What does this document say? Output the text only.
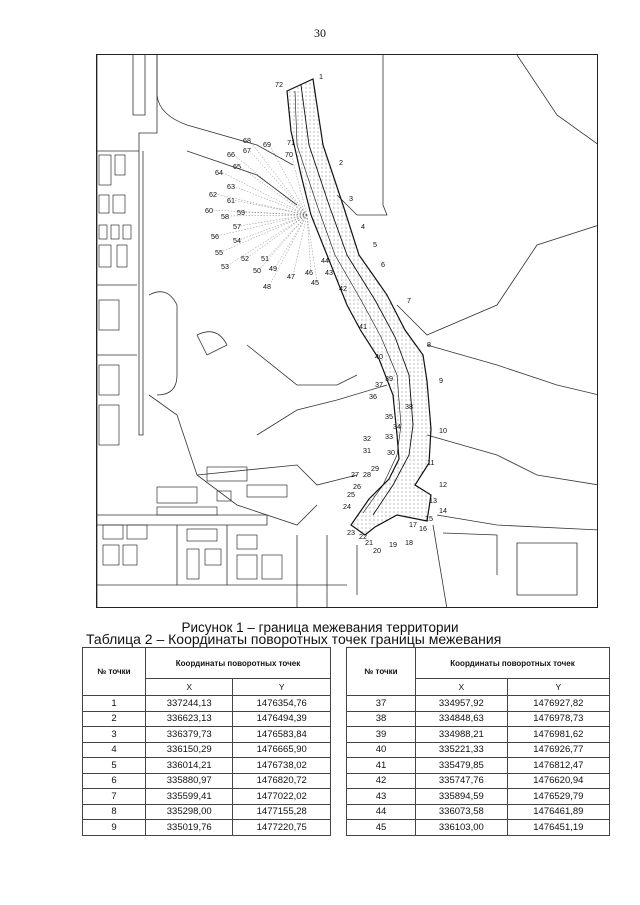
30
1
2
3
4
5
6
7
8
9
10
11
12
13
14
15
16
17
18
19
20
21
22
23
24
25
26
27 28
29
30
31
32 33
34
35
36
37
38
39
40
41
42
43
44
45
46
47
48
49
50
51
52
53
54
55
56
57
58 59
60
61
62
63
64
65
66 67
68 69
70
71
72
Рисунок 1 – граница межевания территории
Таблица 2 – Координаты поворотных точек границы межевания
№ точки	Координаты поворотных точек	
	X	Y
1	337244,13	1476354,76
2	336623,13	1476494,39
3	336379,73	1476583,84
4	336150,29	1476665,90
5	336014,21	1476738,02
6	335880,97	1476820,72
7	335599,41	1477022,02
8	335298,00	1477155,28
9	335019,76	1477220,75
№ точки	Координаты поворотных точек	
	X	Y
37	334957,92	1476927,82
38	334848,63	1476978,73
39	334988,21	1476981,62
40	335221,33	1476926,77
41	335479,85	1476812,47
42	335747,76	1476620,94
43	335894,59	1476529,79
44	336073,58	1476461,89
45	336103,00	1476451,19
